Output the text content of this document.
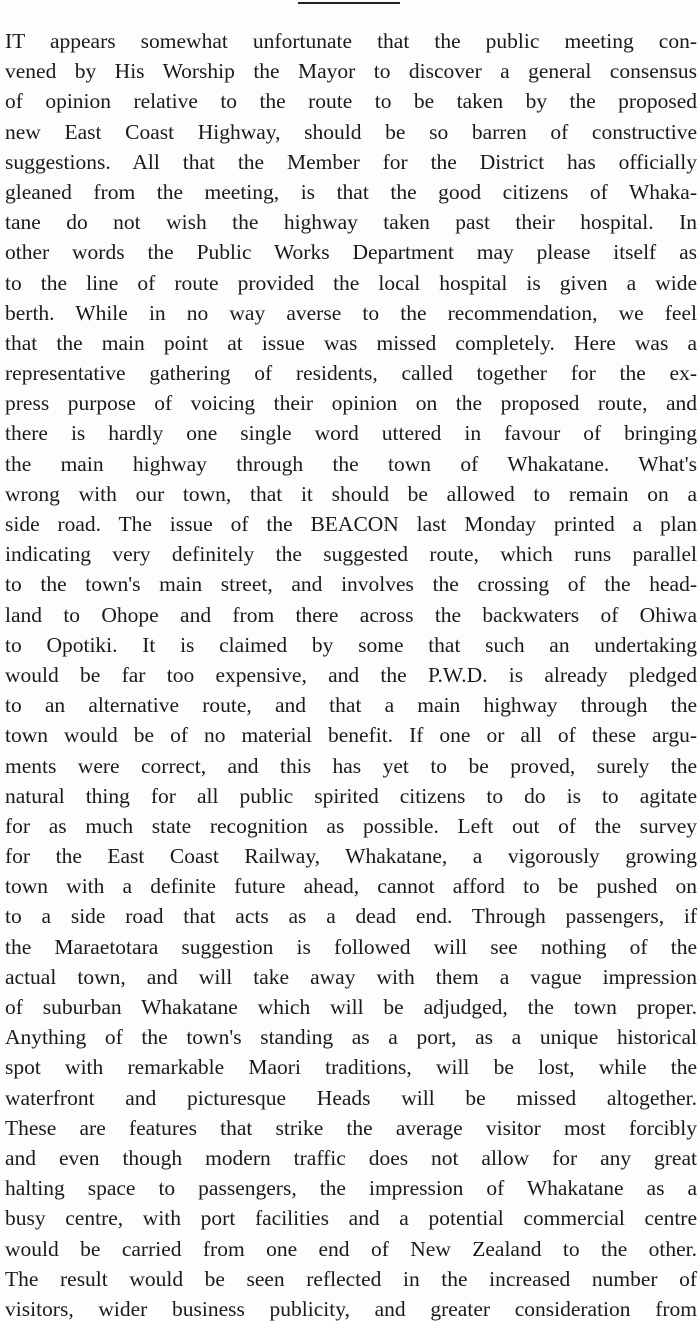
IT appears somewhat unfortunate that the public meeting con-
vened by His Worship the Mayor to discover a general consensus
of opinion relative to the route to be taken by the proposed
new East Coast Highway, should be so barren of constructive
suggestions. All that the Member for the District has officially
gleaned from the meeting, is that the good citizens of Whaka-
tane do not wish the highway taken past their hospital. In
other words the Public Works Department may please itself as
to the line of route provided the local hospital is given a wide
berth. While in no way averse to the recommendation, we feel
that the main point at issue was missed completely. Here was a
representative gathering of residents, called together for the ex-
press purpose of voicing their opinion on the proposed route, and
there is hardly one single word uttered in favour of bringing
the main highway through the town of Whakatane. What's
wrong with our town, that it should be allowed to remain on a
side road. The issue of the BEACON last Monday printed a plan
indicating very definitely the suggested route, which runs parallel
to the town's main street, and involves the crossing of the head-
land to Ohope and from there across the backwaters of Ohiwa
to Opotiki. It is claimed by some that such an undertaking
would be far too expensive, and the P.W.D. is already pledged
to an alternative route, and that a main highway through the
town would be of no material benefit. If one or all of these argu-
ments were correct, and this has yet to be proved, surely the
natural thing for all public spirited citizens to do is to agitate
for as much state recognition as possible. Left out of the survey
for the East Coast Railway, Whakatane, a vigorously growing
town with a definite future ahead, cannot afford to be pushed on
to a side road that acts as a dead end. Through passengers, if
the Maraetotara suggestion is followed will see nothing of the
actual town, and will take away with them a vague impression
of suburban Whakatane which will be adjudged, the town proper.
Anything of the town's standing as a port, as a unique historical
spot with remarkable Maori traditions, will be lost, while the
waterfront and picturesque Heads will be missed altogether.
These are features that strike the average visitor most forcibly
and even though modern traffic does not allow for any great
halting space to passengers, the impression of Whakatane as a
busy centre, with port facilities and a potential commercial centre
would be carried from one end of New Zealand to the other.
The result would be seen reflected in the increased number of
visitors, wider business publicity, and greater consideration from
